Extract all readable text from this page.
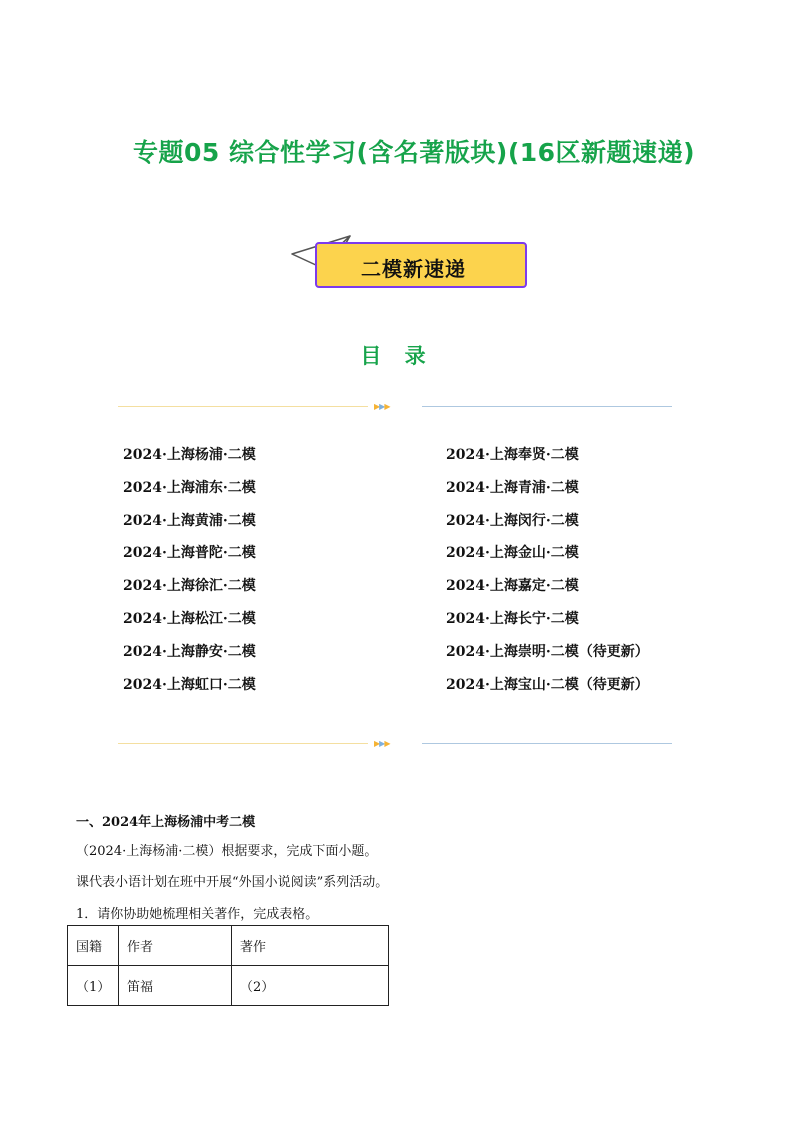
专题05 综合性学习(含名著版块)(16区新题速递)
二模新速递
目 录
▶▶▶
2024·上海杨浦·二模
2024·上海浦东·二模
2024·上海黄浦·二模
2024·上海普陀·二模
2024·上海徐汇·二模
2024·上海松江·二模
2024·上海静安·二模
2024·上海虹口·二模
2024·上海奉贤·二模
2024·上海青浦·二模
2024·上海闵行·二模
2024·上海金山·二模
2024·上海嘉定·二模
2024·上海长宁·二模
2024·上海崇明·二模（待更新）
2024·上海宝山·二模（待更新）
▶▶▶
一、2024年上海杨浦中考二模
（2024·上海杨浦·二模）根据要求，完成下面小题。
课代表小语计划在班中开展“外国小说阅读”系列活动。
1．请你协助她梳理相关著作，完成表格。
国籍	作者	著作
（1）	笛福	（2）
